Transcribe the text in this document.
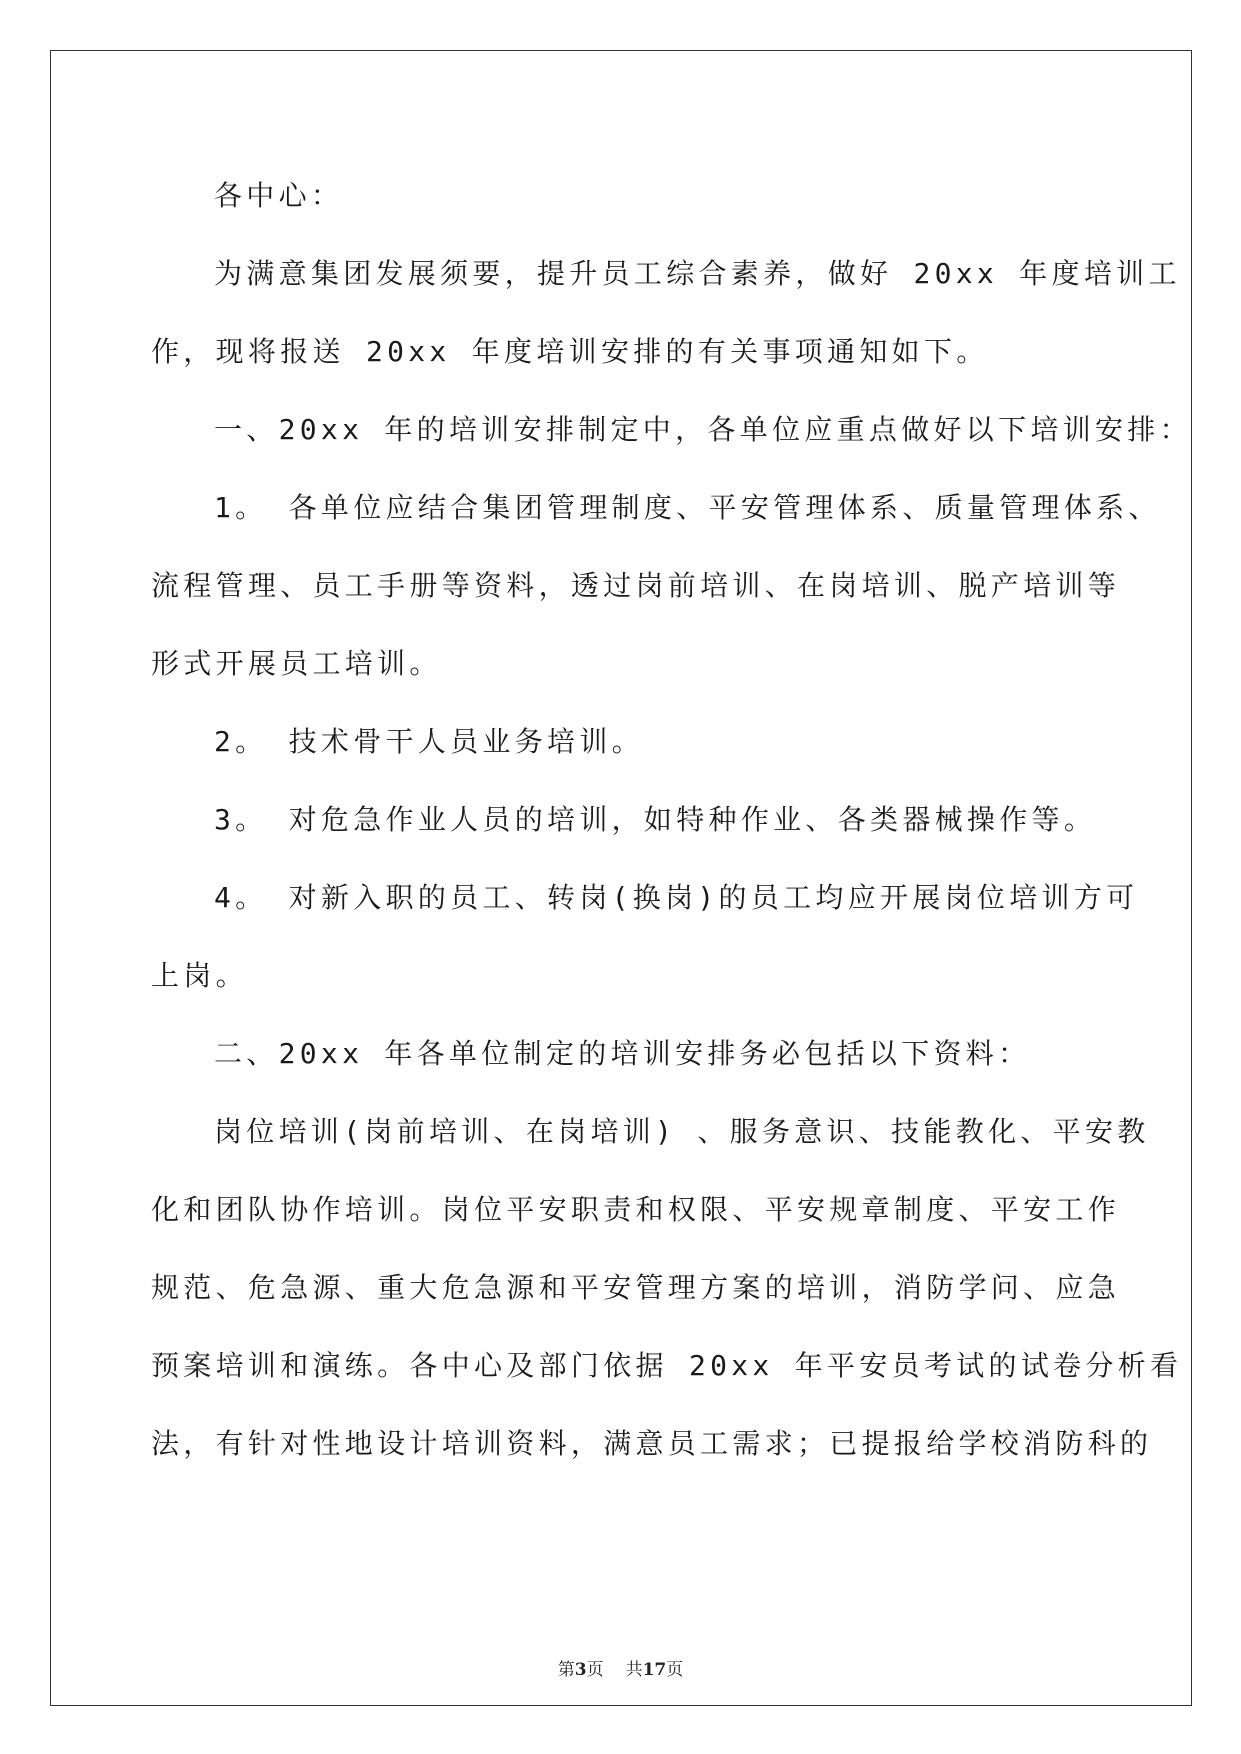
各中心：
为满意集团发展须要，提升员工综合素养，做好 20xx 年度培训工
作，现将报送 20xx 年度培训安排的有关事项通知如下。
一、20xx 年的培训安排制定中，各单位应重点做好以下培训安排：
1。 各单位应结合集团管理制度、平安管理体系、质量管理体系、
流程管理、员工手册等资料，透过岗前培训、在岗培训、脱产培训等
形式开展员工培训。
2。 技术骨干人员业务培训。
3。 对危急作业人员的培训，如特种作业、各类器械操作等。
4。 对新入职的员工、转岗(换岗)的员工均应开展岗位培训方可
上岗。
二、20xx 年各单位制定的培训安排务必包括以下资料：
岗位培训(岗前培训、在岗培训) 、服务意识、技能教化、平安教
化和团队协作培训。岗位平安职责和权限、平安规章制度、平安工作
规范、危急源、重大危急源和平安管理方案的培训，消防学问、应急
预案培训和演练。各中心及部门依据 20xx 年平安员考试的试卷分析看
法，有针对性地设计培训资料，满意员工需求；已提报给学校消防科的
第3页 共17页
